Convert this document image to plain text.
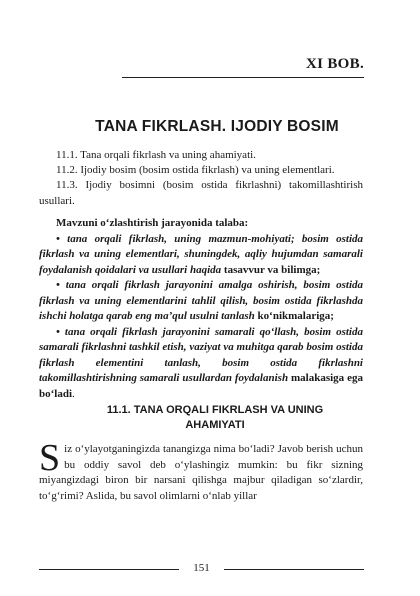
XI BOB.
TANA FIKRLASH. IJODIY BOSIM

11.1. Tana orqali fikrlash va uning ahamiyati.

11.2. Ijodiy bosim (bosim ostida fikrlash) va uning elementlari.

11.3. Ijodiy bosimni (bosim ostida fikrlashni) takomillashtirish usullari.

Mavzuni o‘zlashtirish jarayonida talaba:

• tana orqali fikrlash, uning mazmun-mohiyati; bosim ostida fikrlash va uning elementlari, shuningdek, aqliy hujumdan samarali foydalanish qoidalari va usullari haqida tasavvur va bilimga;

• tana orqali fikrlash jarayonini amalga oshirish, bosim ostida fikrlash va uning elementlarini tahlil qilish, bosim ostida fikrlashda ishchi holatga qarab eng ma’qul usulni tanlash ko‘nikmalariga;

• tana orqali fikrlash jarayonini samarali qo‘llash, bosim ostida samarali fikrlashni tashkil etish, vaziyat va muhitga qarab bosim ostida fikrlash elementini tanlash, bosim ostida fikrlashni takomillashtirishning samarali usullardan foydalanish malakasiga ega bo‘ladi.

11.1. TANA ORQALI FIKRLASH VA UNING AHAMIYATI

Siz o‘ylayotganingizda tanangizga nima bo‘ladi? Javob berish uchun bu oddiy savol deb o‘ylashingiz mumkin: bu fikr sizning miyangizdagi biron bir narsani qilishga majbur qiladigan so‘zlardir, to‘g‘rimi? Aslida, bu savol olimlarni o‘nlab yillar

151
